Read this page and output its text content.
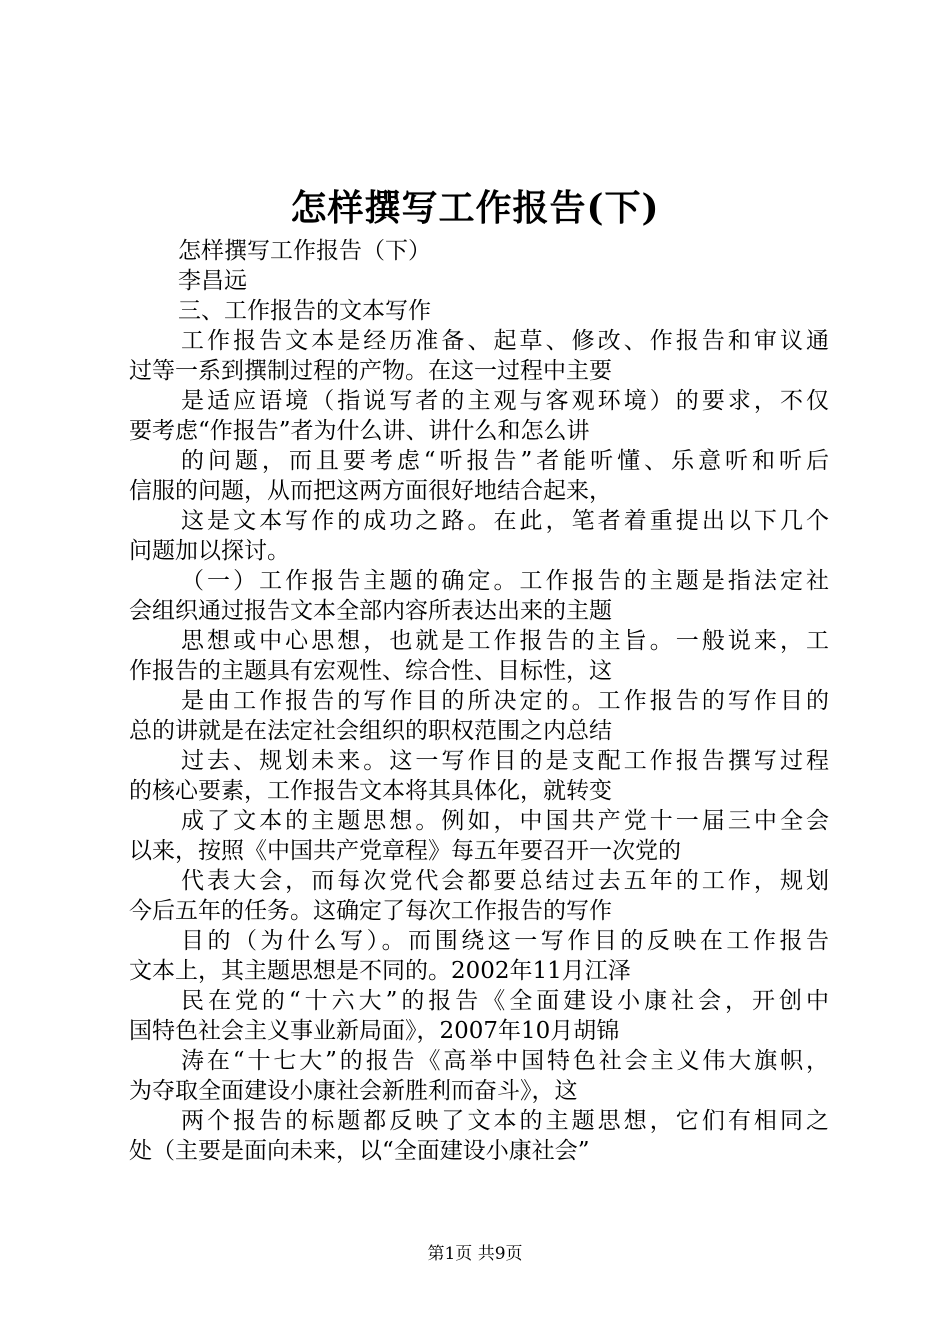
怎样撰写工作报告(下)
怎样撰写工作报告（下）
李昌远
三、工作报告的文本写作
工作报告文本是经历准备、起草、修改、作报告和审议通
过等一系到撰制过程的产物。在这一过程中主要
是适应语境（指说写者的主观与客观环境）的要求，不仅
要考虑“作报告”者为什么讲、讲什么和怎么讲
的问题，而且要考虑“听报告”者能听懂、乐意听和听后
信服的问题，从而把这两方面很好地结合起来，
这是文本写作的成功之路。在此，笔者着重提出以下几个
问题加以探讨。
（一）工作报告主题的确定。工作报告的主题是指法定社
会组织通过报告文本全部内容所表达出来的主题
思想或中心思想，也就是工作报告的主旨。一般说来，工
作报告的主题具有宏观性、综合性、目标性，这
是由工作报告的写作目的所决定的。工作报告的写作目的
总的讲就是在法定社会组织的职权范围之内总结
过去、规划未来。这一写作目的是支配工作报告撰写过程
的核心要素，工作报告文本将其具体化，就转变
成了文本的主题思想。例如，中国共产党十一届三中全会
以来，按照《中国共产党章程》每五年要召开一次党的
代表大会，而每次党代会都要总结过去五年的工作，规划
今后五年的任务。这确定了每次工作报告的写作
目的（为什么写）。而围绕这一写作目的反映在工作报告
文本上，其主题思想是不同的。2002年11月江泽
民在党的“十六大”的报告《全面建设小康社会，开创中
国特色社会主义事业新局面》，2007年10月胡锦
涛在“十七大”的报告《高举中国特色社会主义伟大旗帜，
为夺取全面建设小康社会新胜利而奋斗》，这
两个报告的标题都反映了文本的主题思想，它们有相同之
处（主要是面向未来，以“全面建设小康社会”
第1页 共9页
